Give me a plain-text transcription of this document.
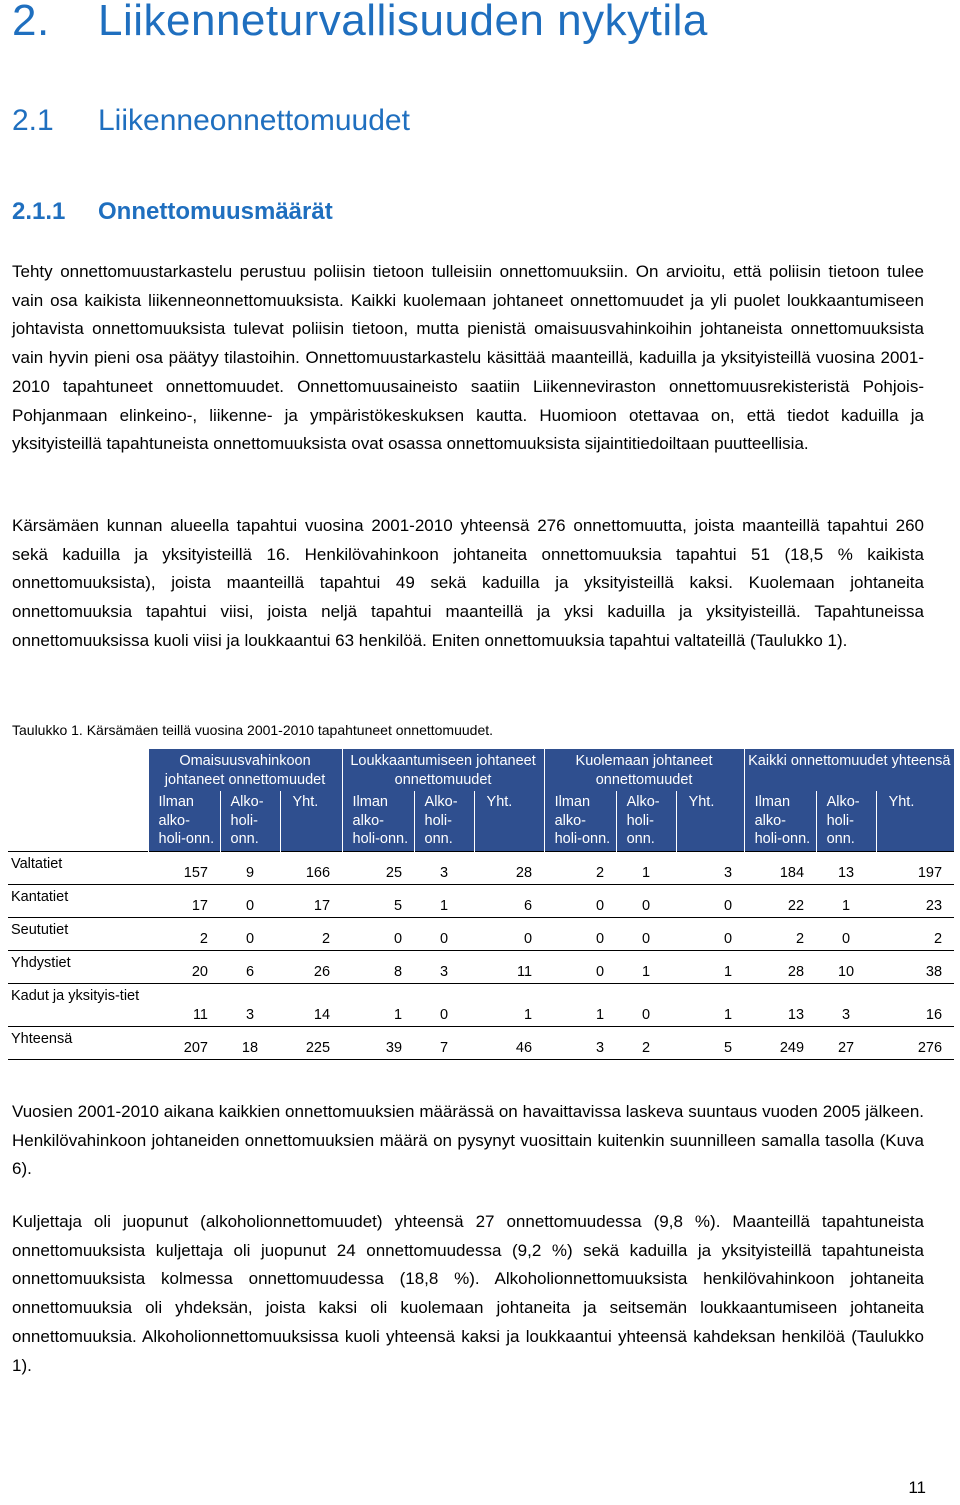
2. Liikenneturvallisuuden nykytila
2.1 Liikenneonnettomuudet
2.1.1 Onnettomuusmäärät

Tehty onnettomuustarkastelu perustuu poliisin tietoon tulleisiin onnettomuuksiin. On arvioitu, että poliisin tietoon tulee vain osa kaikista liikenneonnettomuuksista. Kaikki kuolemaan johtaneet onnettomuudet ja yli puolet loukkaantumiseen johtavista onnettomuuksista tulevat poliisin tietoon, mutta pienistä omaisuusvahinkoihin johtaneista onnettomuuksista vain hyvin pieni osa päätyy tilastoihin. Onnettomuustarkastelu käsittää maanteillä, kaduilla ja yksityisteillä vuosina 2001-2010 tapahtuneet onnettomuudet. Onnettomuusaineisto saatiin Liikenneviraston onnettomuusrekisteristä Pohjois-Pohjanmaan elinkeino-, liikenne- ja ympäristökeskuksen kautta. Huomioon otettavaa on, että tiedot kaduilla ja yksityisteillä tapahtuneista onnettomuuksista ovat osassa onnettomuuksista sijaintitiedoiltaan puutteellisia.

Kärsämäen kunnan alueella tapahtui vuosina 2001-2010 yhteensä 276 onnettomuutta, joista maanteillä tapahtui 260 sekä kaduilla ja yksityisteillä 16. Henkilövahinkoon johtaneita onnettomuuksia tapahtui 51 (18,5 % kaikista onnettomuuksista), joista maanteillä tapahtui 49 sekä kaduilla ja yksityisteillä kaksi. Kuolemaan johtaneita onnettomuuksia tapahtui viisi, joista neljä tapahtui maanteillä ja yksi kaduilla ja yksityisteillä. Tapahtuneissa onnettomuuksissa kuoli viisi ja loukkaantui 63 henkilöä. Eniten onnettomuuksia tapahtui valtateillä (Taulukko 1).

Taulukko 1. Kärsämäen teillä vuosina 2001-2010 tapahtuneet onnettomuudet.
	Omaisuusvahinkoon johtaneet onnettomuudet			Loukkaantumiseen johtaneet onnettomuudet			Kuolemaan johtaneet onnettomuudet			Kaikki onnettomuudet yhteensä		
	Ilman alko-holi-onn.	Alko-holi-onn.	Yht.	Ilman alko-holi-onn.	Alko-holi-onn.	Yht.	Ilman alko-holi-onn.	Alko-holi-onn.	Yht.	Ilman alko-holi-onn.	Alko-holi-onn.	Yht.
Valtatiet	157	9	166	25	3	28	2	1	3	184	13	197
Kantatiet	17	0	17	5	1	6	0	0	0	22	1	23
Seututiet	2	0	2	0	0	0	0	0	0	2	0	2
Yhdystiet	20	6	26	8	3	11	0	1	1	28	10	38
Kadut ja yksityis-tiet	11	3	14	1	0	1	1	0	1	13	3	16
Yhteensä	207	18	225	39	7	46	3	2	5	249	27	276

Vuosien 2001-2010 aikana kaikkien onnettomuuksien määrässä on havaittavissa laskeva suuntaus vuoden 2005 jälkeen. Henkilövahinkoon johtaneiden onnettomuuksien määrä on pysynyt vuosittain kuitenkin suunnilleen samalla tasolla (Kuva 6).

Kuljettaja oli juopunut (alkoholionnettomuudet) yhteensä 27 onnettomuudessa (9,8 %). Maanteillä tapahtuneista onnettomuuksista kuljettaja oli juopunut 24 onnettomuudessa (9,2 %) sekä kaduilla ja yksityisteillä tapahtuneista onnettomuuksista kolmessa onnettomuudessa (18,8 %). Alkoholionnettomuuksista henkilövahinkoon johtaneita onnettomuuksia oli yhdeksän, joista kaksi oli kuolemaan johtaneita ja seitsemän loukkaantumiseen johtaneita onnettomuuksia. Alkoholionnettomuuksissa kuoli yhteensä kaksi ja loukkaantui yhteensä kahdeksan henkilöä (Taulukko 1).

11
